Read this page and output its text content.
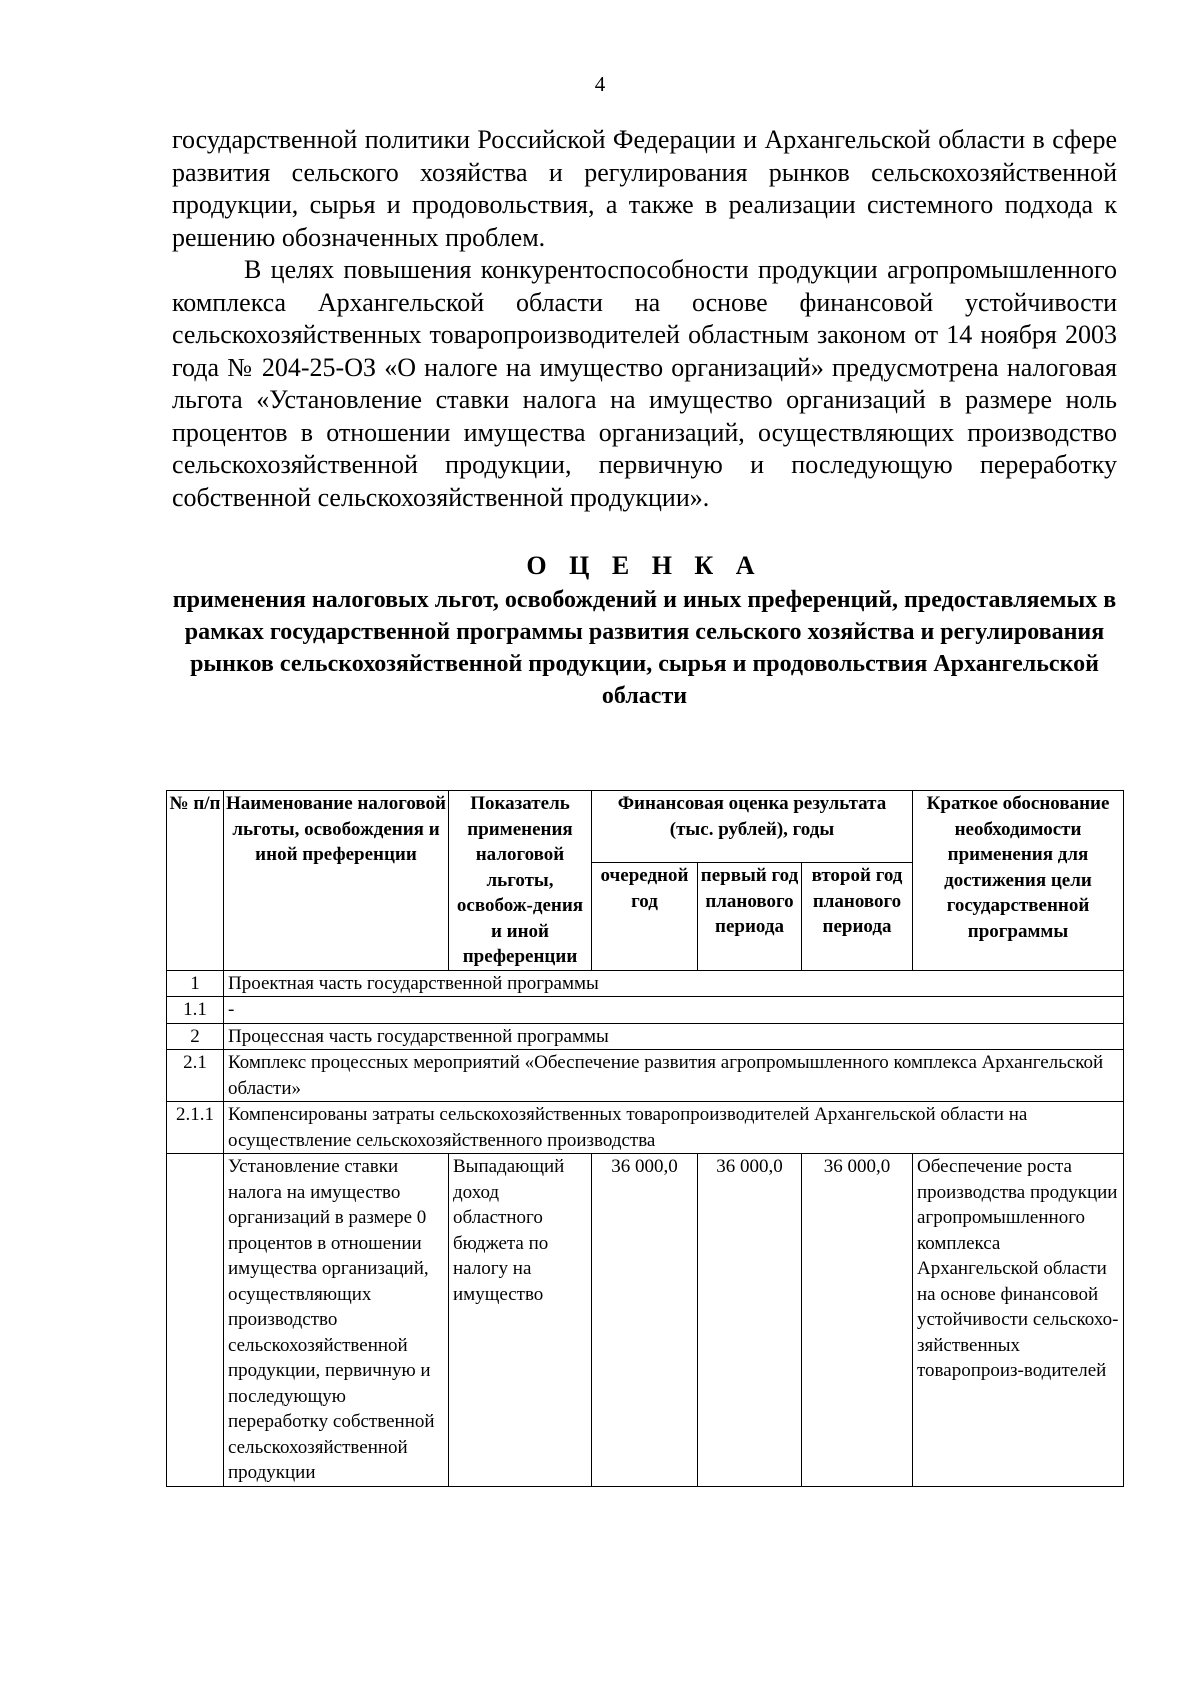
4

государственной политики Российской Федерации и Архангельской области в сфере развития сельского хозяйства и регулирования рынков сельскохозяйственной продукции, сырья и продовольствия, а также в реализации системного подхода к решению обозначенных проблем.

В целях повышения конкурентоспособности продукции агропромышленного комплекса Архангельской области на основе финансовой устойчивости сельскохозяйственных товаропроизводителей областным законом от 14 ноября 2003 года № 204-25-ОЗ «О налоге на имущество организаций» предусмотрена налоговая льгота «Установление ставки налога на имущество организаций в размере ноль процентов в отношении имущества организаций, осуществляющих производство сельскохозяйственной продукции, первичную и последующую переработку собственной сельскохозяйственной продукции».

О Ц Е Н К А
применения налоговых льгот, освобождений и иных преференций, предоставляемых в рамках государственной программы развития сельского хозяйства и регулирования рынков сельскохозяйственной продукции, сырья и продовольствия Архангельской области
№ п/п	Наименование налоговой льготы, освобождения и иной преференции	Показатель применения налоговой льготы, освобож-дения и иной преференции	Финансовая оценка результата (тыс. рублей), годы			Краткое обоснование необходимости применения для достижения цели государственной программы
			очередной год	первый год планового периода	второй год планового периода	
1	Проектная часть государственной программы					
1.1	-					
2	Процессная часть государственной программы					
2.1	Комплекс процессных мероприятий «Обеспечение развития агропромышленного комплекса Архангельской области»					
2.1.1	Компенсированы затраты сельскохозяйственных товаропроизводителей Архангельской области на осуществление сельскохозяйственного производства					
	Установление ставки налога на имущество организаций в размере 0 процентов в отношении имущества организаций, осуществляющих производство сельскохозяйственной продукции, первичную и последующую переработку собственной сельскохозяйственной продукции	Выпадающий доход областного бюджета по налогу на имущество	36 000,0	36 000,0	36 000,0	Обеспечение роста производства продукции агропромышленного комплекса Архангельской области на основе финансовой устойчивости сельскохо-зяйственных товаропроиз-водителей
